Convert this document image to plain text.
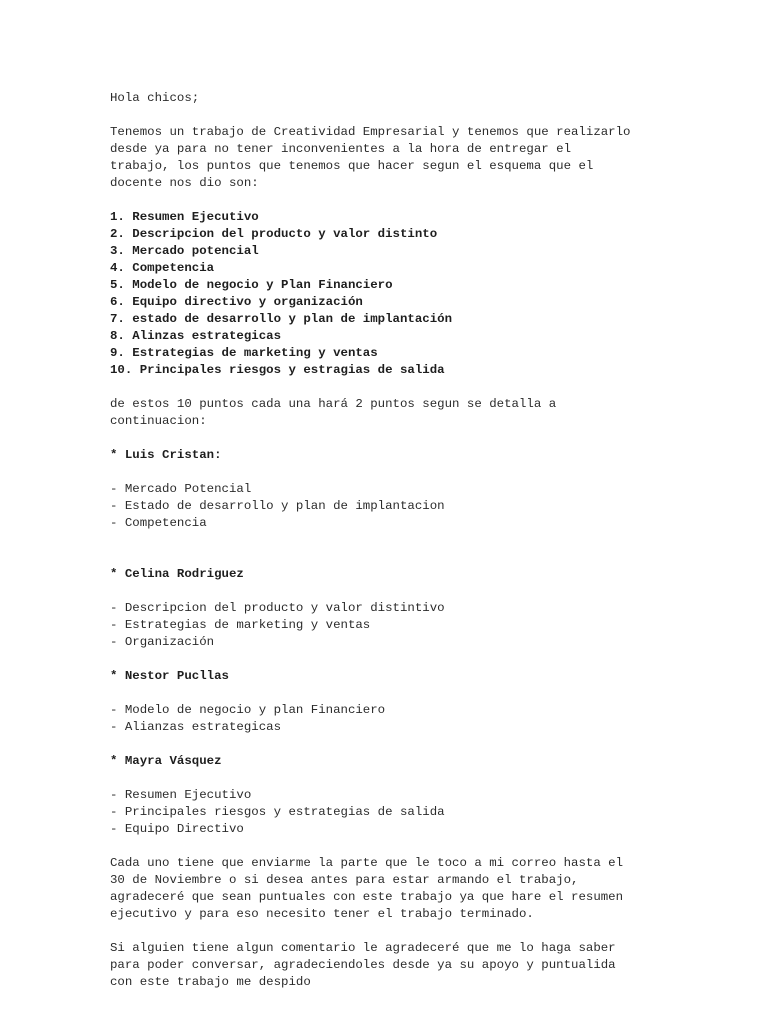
Hola chicos;

Tenemos un trabajo de Creatividad Empresarial y tenemos que realizarlo

desde ya para no tener inconvenientes a la hora de entregar el

trabajo, los puntos que tenemos que hacer segun el esquema que el

docente nos dio son:

1. Resumen Ejecutivo

2. Descripcion del producto y valor distinto

3. Mercado potencial

4. Competencia

5. Modelo de negocio y Plan Financiero

6. Equipo directivo y organización

7. estado de desarrollo y plan de implantación

8. Alinzas estrategicas

9. Estrategias de marketing y ventas

10. Principales riesgos y estragias de salida

de estos 10 puntos cada una hará 2 puntos segun se detalla a

continuacion:

* Luis Cristan:

- Mercado Potencial

- Estado de desarrollo y plan de implantacion

- Competencia

* Celina Rodriguez

- Descripcion del producto y valor distintivo

- Estrategias de marketing y ventas

- Organización

* Nestor Pucllas

- Modelo de negocio y plan Financiero

- Alianzas estrategicas

* Mayra Vásquez

- Resumen Ejecutivo

- Principales riesgos y estrategias de salida

- Equipo Directivo

Cada uno tiene que enviarme la parte que le toco a mi correo hasta el

30 de Noviembre o si desea antes para estar armando el trabajo,

agradeceré que sean puntuales con este trabajo ya que hare el resumen

ejecutivo y para eso necesito tener el trabajo terminado.

Si alguien tiene algun comentario le agradeceré que me lo haga saber

para poder conversar, agradeciendoles desde ya su apoyo y puntualida

con este trabajo me despido
